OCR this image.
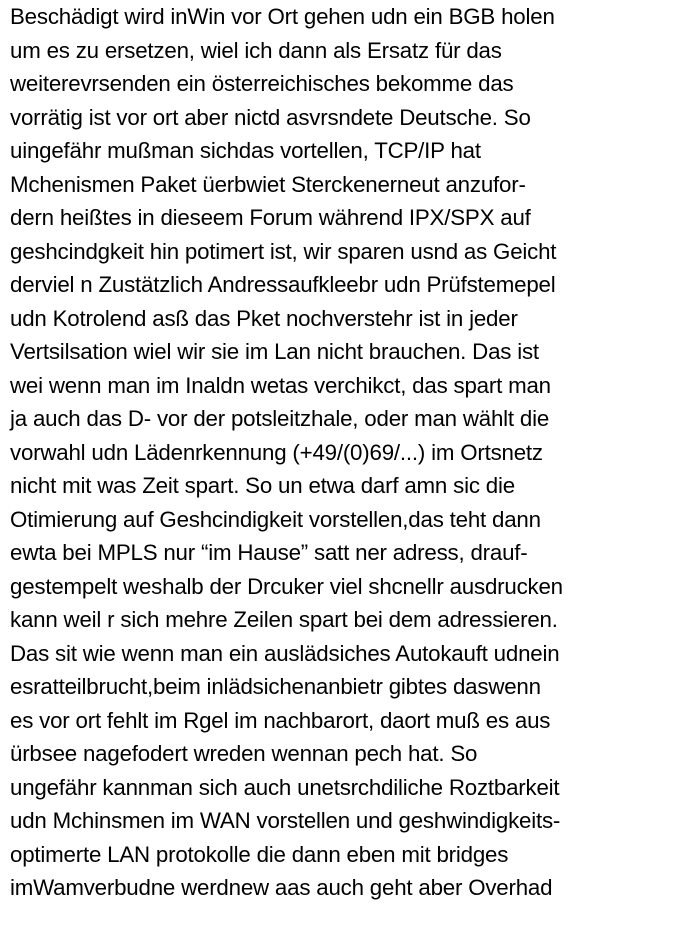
Beschädigt wird inWin vor Ort gehen udn ein BGB holen
um es zu ersetzen, wiel ich dann als Ersatz für das
weiterevrsenden ein österreichisches bekomme das
vorrätig ist vor ort aber nictd asvrsndete Deutsche. So
uingefähr mußman sichdas vortellen, TCP/IP hat
Mchenismen Paket üerbwiet Sterckenerneut anzufor-
dern heißtes in dieseem Forum während IPX/SPX auf
geshcindgkeit hin potimert ist, wir sparen usnd as Geicht
derviel n Zustätzlich Andressaufkleebr udn Prüfstemepel
udn Kotrolend asß das Pket nochverstehr ist in jeder
Vertsilsation wiel wir sie im Lan nicht brauchen. Das ist
wei wenn man im Inaldn wetas verchikct, das spart man
ja auch das D- vor der potsleitzhale, oder man wählt die
vorwahl udn Lädenrkennung (+49/(0)69/...) im Ortsnetz
nicht mit was Zeit spart. So un etwa darf amn sic die
Otimierung auf Geshcindigkeit vorstellen,das teht dann
ewta bei MPLS nur “im Hause” satt ner adress, drauf-
gestempelt weshalb der Drcuker viel shcnellr ausdrucken
kann weil r sich mehre Zeilen spart bei dem adressieren.
Das sit wie wenn man ein auslädsiches Autokauft udnein
esratteilbrucht,beim inlädsichenanbietr gibtes daswenn
es vor ort fehlt im Rgel im nachbarort, daort muß es aus
ürbsee nagefodert wreden wennan pech hat. So
ungefähr kannman sich auch unetsrchdiliche Roztbarkeit
udn Mchinsmen im WAN vorstellen und geshwindigkeits-
optimerte LAN protokolle die dann eben mit bridges
imWamverbudne werdnew aas auch geht aber Overhad
